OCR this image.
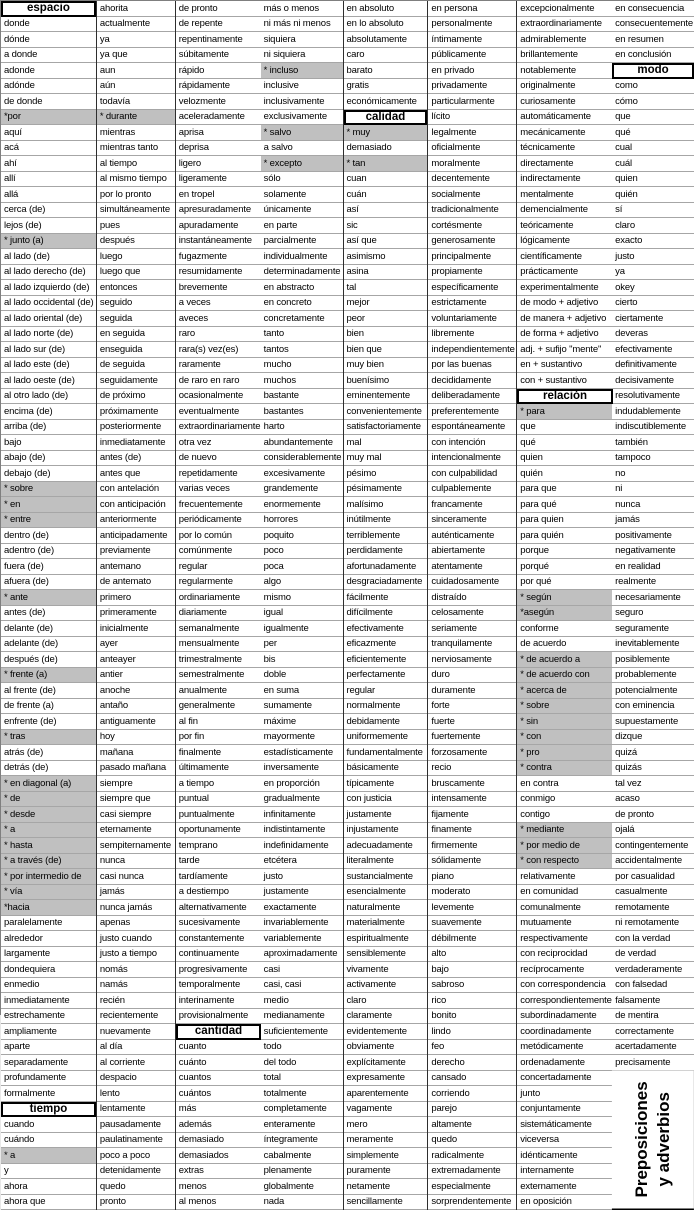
espacio
donde
dónde
a donde
adonde
adónde
de donde
*por
aquí
acá
ahí
allí
allá
cerca (de)
lejos (de)
* junto (a)
al lado (de)
al lado derecho (de)
al lado izquierdo (de)
al lado occidental (de)
al lado oriental (de)
al lado norte (de)
al lado sur (de)
al lado este (de)
al lado oeste (de)
al otro lado (de)
encima (de)
arriba (de)
bajo
abajo (de)
debajo (de)
* sobre
* en
* entre
dentro (de)
adentro (de)
fuera (de)
afuera (de)
* ante
antes (de)
delante (de)
adelante (de)
después (de)
* frente (a)
al frente (de)
de frente (a)
enfrente (de)
* tras
atrás (de)
detrás (de)
* en diagonal (a)
* de
* desde
* a
* hasta
* a través (de)
* por intermedio de
* vía
*hacia
paralelamente
alrededor
largamente
dondequiera
enmedio
inmediatamente
estrechamente
ampliamente
aparte
separadamente
profundamente
formalmente
tiempo
cuando
cuándo
* a
y
ahora
ahora que
ahorita
actualmente
ya
ya que
aun
aún
todavía
* durante
mientras
mientras tanto
al tiempo
al mismo tiempo
por lo pronto
simultáneamente
pues
después
luego
luego que
entonces
seguido
seguida
en seguida
enseguida
de seguida
seguidamente
de próximo
próximamente
posteriormente
inmediatamente
antes (de)
antes que
con antelación
con anticipación
anteriormente
anticipadamente
previamente
antemano
de antemato
primero
primeramente
inicialmente
ayer
anteayer
antier
anoche
antaño
antiguamente
hoy
mañana
pasado mañana
siempre
siempre que
casi siempre
eternamente
sempiternamente
nunca
casi nunca
jamás
nunca jamás
apenas
justo cuando
justo a tiempo
nomás
namás
recién
recientemente
nuevamente
al día
al corriente
despacio
lento
lentamente
pausadamente
paulatinamente
poco a poco
detenidamente
quedo
pronto
de pronto
de repente
repentinamente
súbitamente
rápido
rápidamente
velozmente
aceleradamente
aprisa
deprisa
ligero
ligeramente
en tropel
apresuradamente
apuradamente
instantáneamente
fugazmente
resumidamente
brevemente
a veces
aveces
raro
rara(s) vez(es)
raramente
de raro en raro
ocasionalmente
eventualmente
extraordinariamente
otra vez
de nuevo
repetidamente
varias veces
frecuentemente
periódicamente
por lo común
comúnmente
regular
regularmente
ordinariamente
diariamente
semanalmente
mensualmente
trimestralmente
semestralmente
anualmente
generalmente
al fin
por fin
finalmente
últimamente
a tiempo
puntual
puntualmente
oportunamente
temprano
tarde
tardíamente
a destiempo
alternativamente
sucesivamente
constantemente
continuamente
progresivamente
temporalmente
interinamente
provisionalmente
cantidad
cuanto
cuánto
cuantos
cuántos
más
además
demasiado
demasiados
extras
menos
al menos
más o menos
ni más ni menos
siquiera
ni siquiera
* incluso
inclusive
inclusivamente
exclusivamente
* salvo
a salvo
* excepto
sólo
solamente
únicamente
en parte
parcialmente
individualmente
determinadamente
en abstracto
en concreto
concretamente
tanto
tantos
mucho
muchos
bastante
bastantes
harto
abundantemente
considerablemente
excesivamente
grandemente
enormemente
horrores
poquito
poco
poca
algo
mismo
igual
igualmente
per
bis
doble
en suma
sumamente
máxime
mayormente
estadísticamente
inversamente
en proporción
gradualmente
infinitamente
indistintamente
indefinidamente
etcétera
justo
justamente
exactamente
invariablemente
variablemente
aproximadamente
casi
casi, casi
medio
medianamente
suficientemente
todo
del todo
total
totalmente
completamente
enteramente
íntegramente
cabalmente
plenamente
globalmente
nada
en absoluto
en lo absoluto
absolutamente
caro
barato
gratis
económicamente
calidad
* muy
demasiado
* tan
cuan
cuán
así
sic
así que
asimismo
asina
tal
mejor
peor
bien
bien que
muy bien
buenísimo
eminentemente
convenientemente
satisfactoriamente
mal
muy mal
pésimo
pésimamente
malísimo
inútilmente
terriblemente
perdidamente
afortunadamente
desgraciadamente
fácilmente
difícilmente
efectivamente
eficazmente
eficientemente
perfectamente
regular
normalmente
debidamente
uniformemente
fundamentalmente
básicamente
típicamente
con justicia
justamente
injustamente
adecuadamente
literalmente
sustancialmente
esencialmente
naturalmente
materialmente
espiritualmente
sensiblemente
vivamente
activamente
claro
claramente
evidentemente
obviamente
explícitamente
expresamente
aparentemente
vagamente
mero
meramente
simplemente
puramente
netamente
sencillamente
en persona
personalmente
íntimamente
públicamente
en privado
privadamente
particularmente
lícito
legalmente
oficialmente
moralmente
decentemente
socialmente
tradicionalmente
cortésmente
generosamente
principalmente
propiamente
específicamente
estrictamente
voluntariamente
libremente
independientemente
por las buenas
decididamente
deliberadamente
preferentemente
espontáneamente
con intención
intencionalmente
con culpabilidad
culpablemente
francamente
sinceramente
auténticamente
abiertamente
atentamente
cuidadosamente
distraído
celosamente
seriamente
tranquilamente
nerviosamente
duro
duramente
forte
fuerte
fuertemente
forzosamente
recio
bruscamente
intensamente
fijamente
finamente
firmemente
sólidamente
piano
moderato
levemente
suavemente
débilmente
alto
bajo
sabroso
rico
bonito
lindo
feo
derecho
cansado
corriendo
parejo
altamente
quedo
radicalmente
extremadamente
especialmente
sorprendentemente
excepcionalmente
extraordinariamente
admirablemente
brillantemente
notablemente
originalmente
curiosamente
automáticamente
mecánicamente
técnicamente
directamente
indirectamente
mentalmente
demencialmente
teóricamente
lógicamente
científicamente
prácticamente
experimentalmente
de modo + adjetivo
de manera + adjetivo
de forma + adjetivo
adj. + sufijo "mente"
en + sustantivo
con + sustantivo
relación
* para
que
qué
quien
quién
para que
para qué
para quien
para quién
porque
porqué
por qué
* según
*asegún
conforme
de acuerdo
* de acuerdo a
* de acuerdo con
* acerca de
* sobre
* sin
* con
* pro
* contra
en contra
conmigo
contigo
* mediante
* por medio de
* con respecto
relativamente
en comunidad
comunalmente
mutuamente
respectivamente
con reciprocidad
recíprocamente
con correspondencia
correspondientemente
subordinadamente
coordinadamente
metódicamente
ordenadamente
concertadamente
junto
conjuntamente
sistemáticamente
viceversa
idénticamente
internamente
externamente
en oposición
en consecuencia
consecuentemente
en resumen
en conclusión
modo
como
cómo
que
qué
cual
cuál
quien
quién
sí
claro
exacto
justo
ya
okey
cierto
ciertamente
deveras
efectivamente
definitivamente
decisivamente
resolutivamente
indudablemente
indiscutiblemente
también
tampoco
no
ni
nunca
jamás
positivamente
negativamente
en realidad
realmente
necesariamente
seguro
seguramente
inevitablemente
posiblemente
probablemente
potencialmente
con eminencia
supuestamente
dizque
quizá
quizás
tal vez
acaso
de pronto
ojalá
contingentemente
accidentalmente
por casualidad
casualmente
remotamente
ni remotamente
con la verdad
de verdad
verdaderamente
con falsedad
falsamente
de mentira
correctamente
acertadamente
precisamente
Preposiciones
y adverbios
